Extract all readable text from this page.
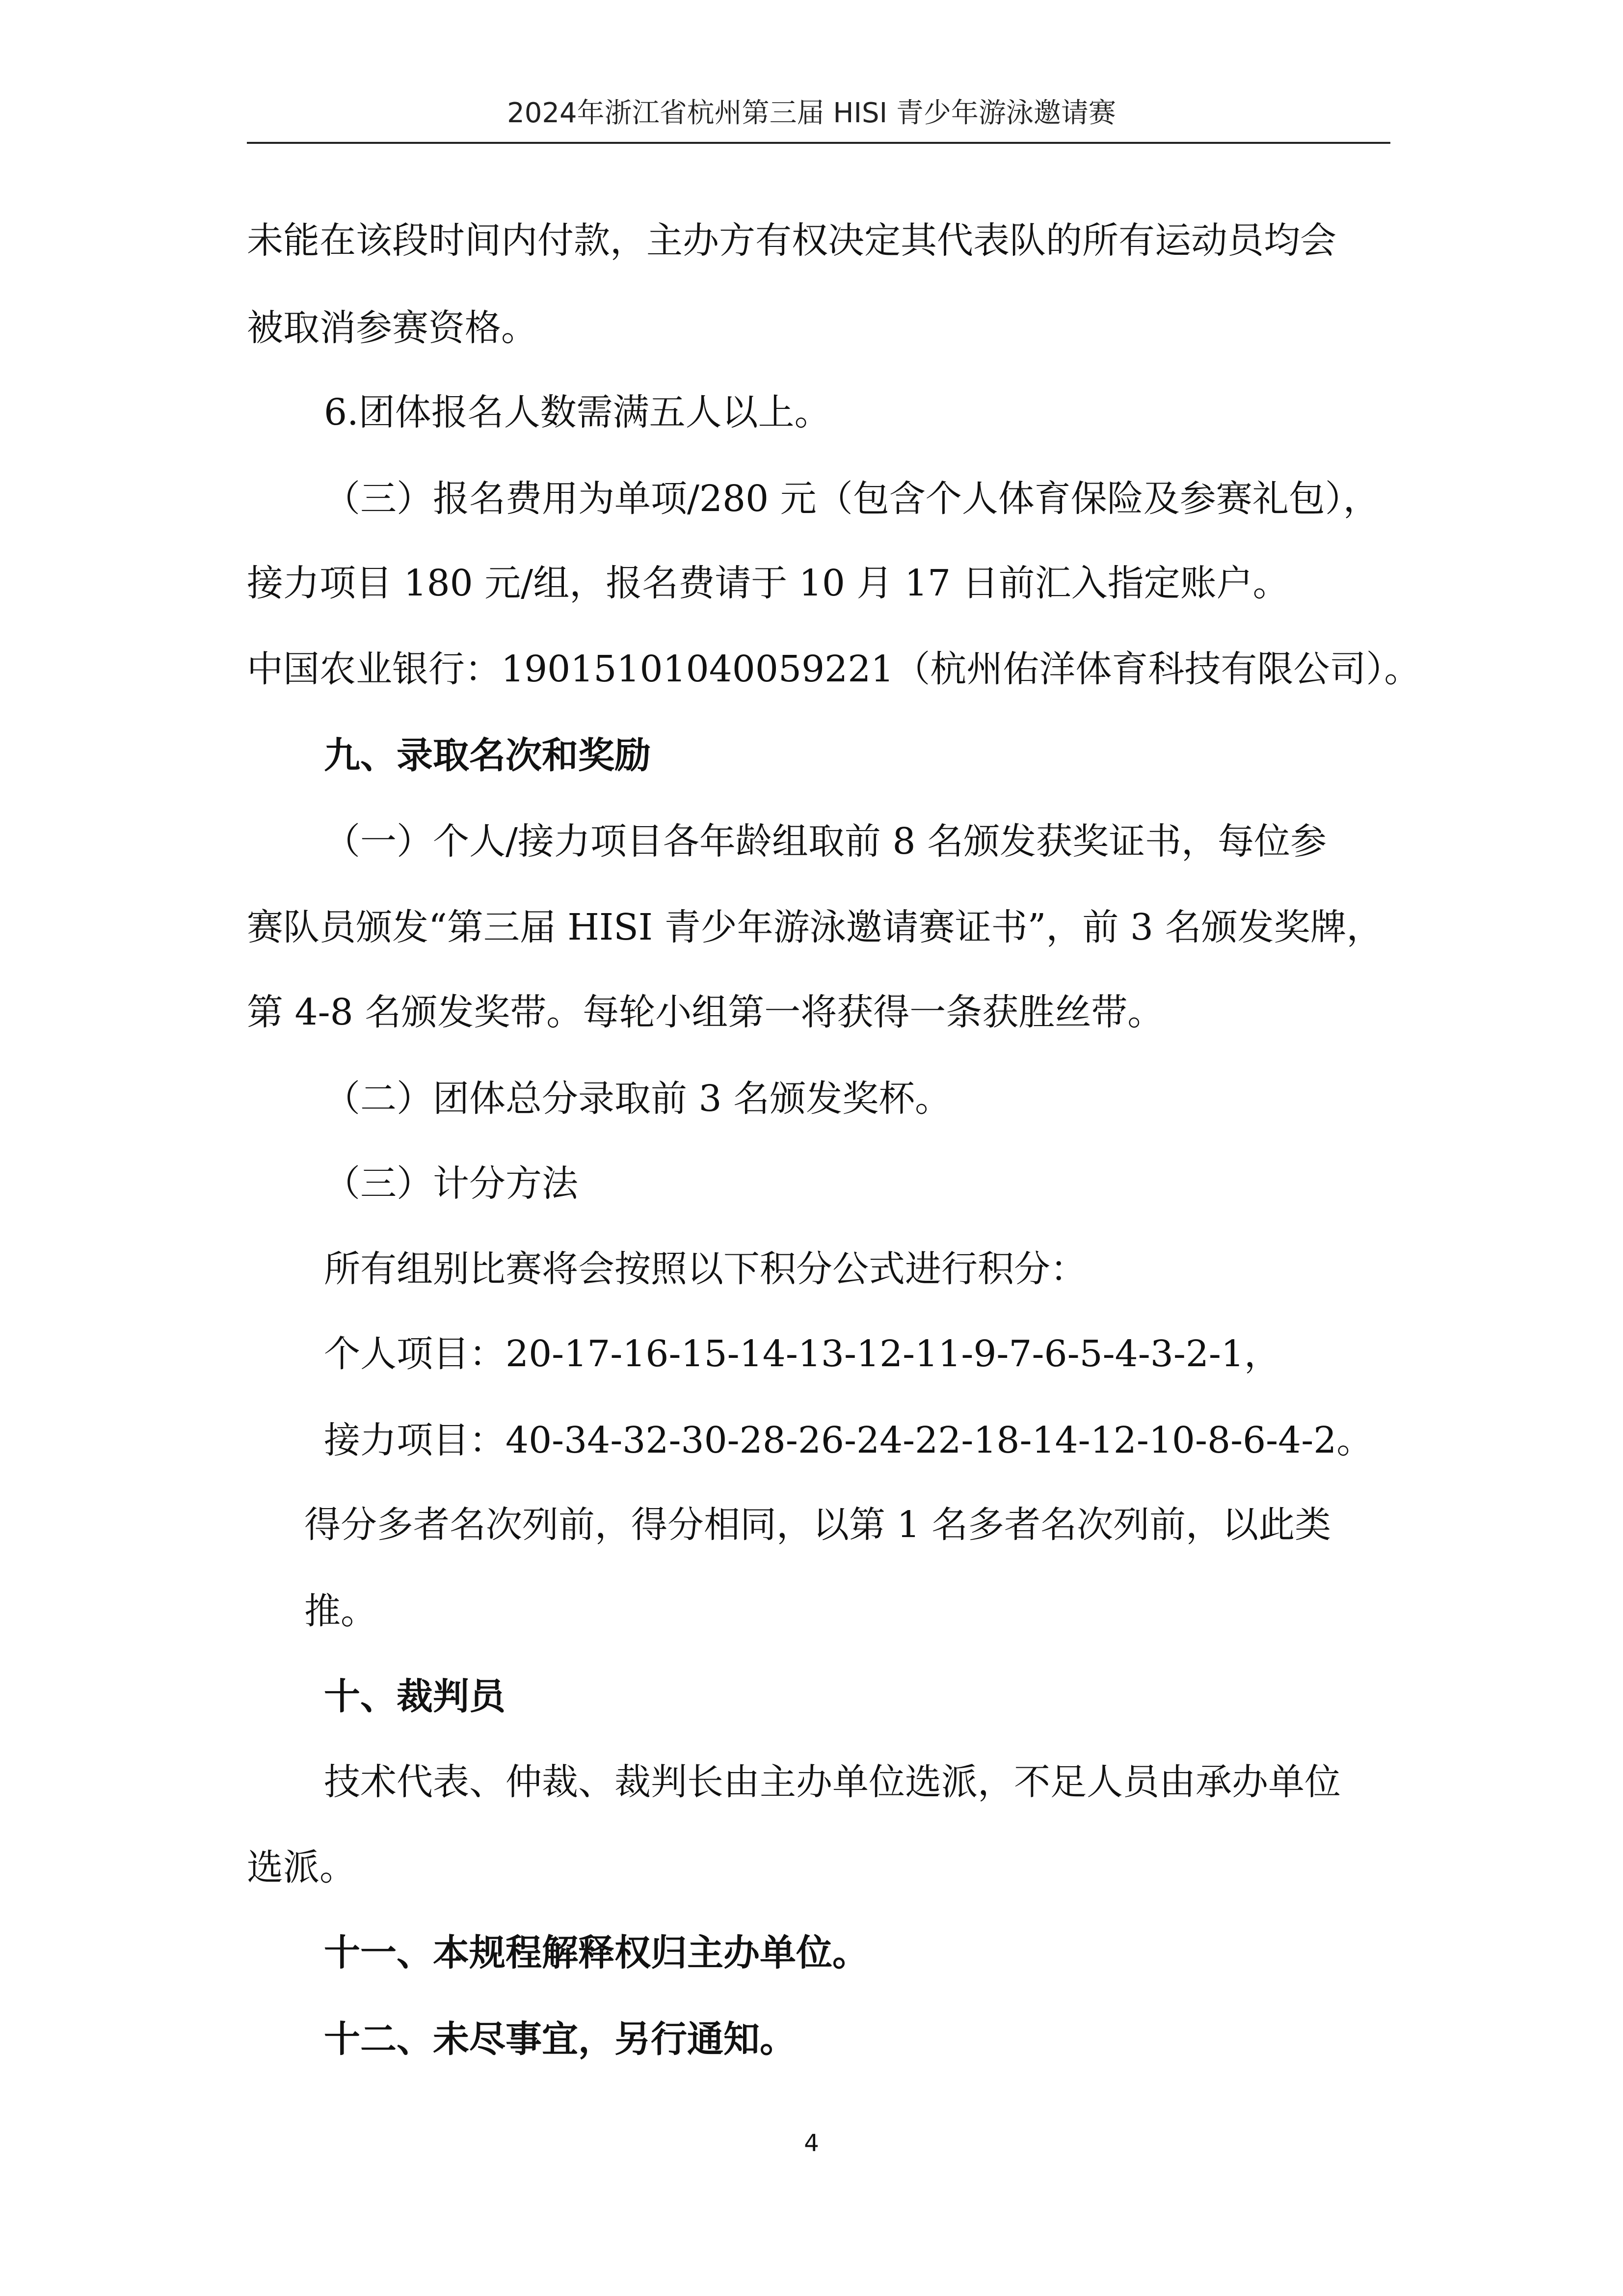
2024年浙江省杭州第三届 HISI 青少年游泳邀请赛
未能在该段时间内付款，主办方有权决定其代表队的所有运动员均会
被取消参赛资格。
6.团体报名人数需满五人以上。
（三）报名费用为单项/280 元（包含个人体育保险及参赛礼包），
接力项目 180 元/组，报名费请于 10 月 17 日前汇入指定账户。
中国农业银行：19015101040059221（杭州佑洋体育科技有限公司）。
九、录取名次和奖励
（一）个人/接力项目各年龄组取前 8 名颁发获奖证书，每位参
赛队员颁发“第三届 HISI 青少年游泳邀请赛证书”，前 3 名颁发奖牌，
第 4-8 名颁发奖带。每轮小组第一将获得一条获胜丝带。
（二）团体总分录取前 3 名颁发奖杯。
（三）计分方法
所有组别比赛将会按照以下积分公式进行积分：
个人项目：20-17-16-15-14-13-12-11-9-7-6-5-4-3-2-1，
接力项目：40-34-32-30-28-26-24-22-18-14-12-10-8-6-4-2。
得分多者名次列前，得分相同，以第 1 名多者名次列前，以此类
推。
十、裁判员
技术代表、仲裁、裁判长由主办单位选派，不足人员由承办单位
选派。
十一、本规程解释权归主办单位。
十二、未尽事宜，另行通知。
4
